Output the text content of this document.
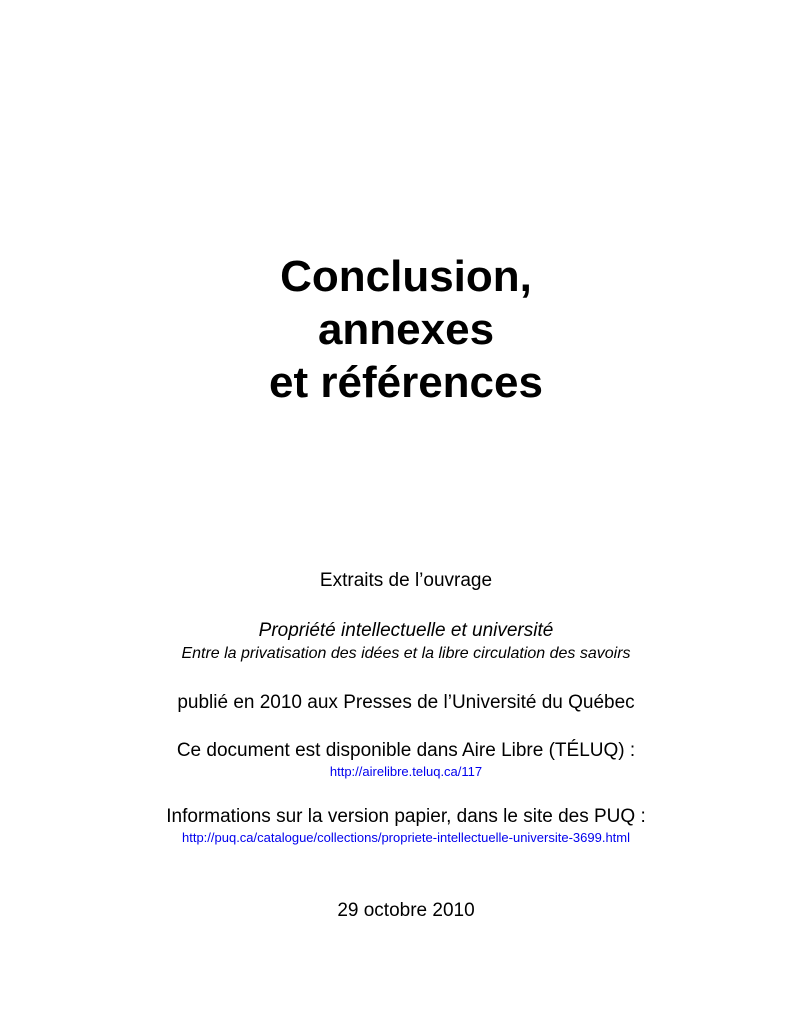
Conclusion,
annexes
et références
Extraits de l’ouvrage
Propriété intellectuelle et université
Entre la privatisation des idées et la libre circulation des savoirs
publié en 2010 aux Presses de l’Université du Québec
Ce document est disponible dans Aire Libre (TÉLUQ) :
http://airelibre.teluq.ca/117
Informations sur la version papier, dans le site des PUQ :
http://puq.ca/catalogue/collections/propriete-intellectuelle-universite-3699.html
29 octobre 2010
